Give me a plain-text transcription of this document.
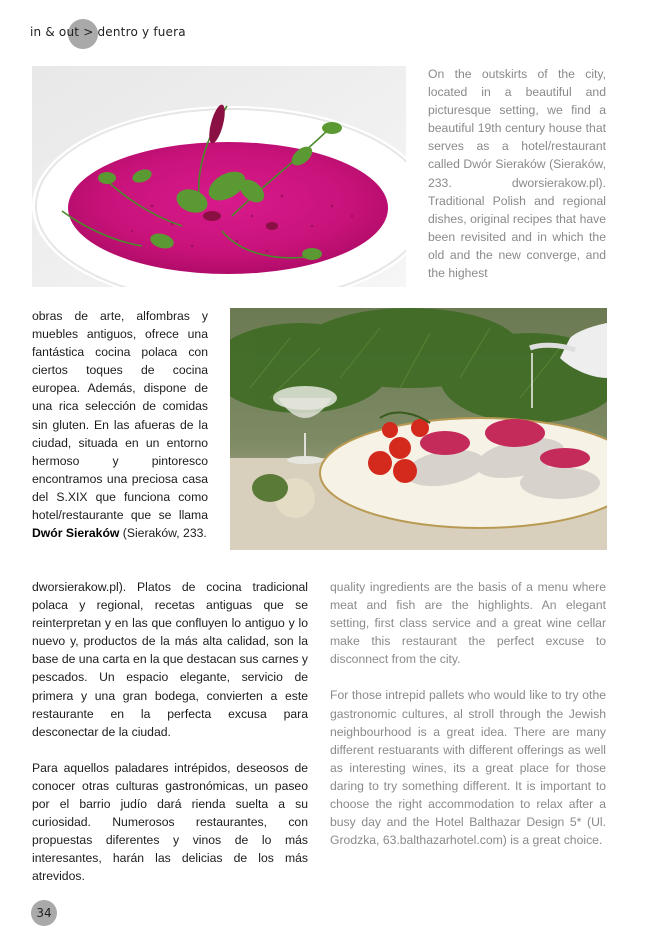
in & out > dentro y fuera

On the outskirts of the city, located in a beautiful and picturesque setting, we find a beautiful 19th century house that serves as a hotel/restaurant called Dwór Sieraków (Sieraków, 233. dworsierakow.pl). Traditional Polish and regional dishes, original recipes that have been revisited and in which the old and the new converge, and the highest

obras de arte, alfombras y muebles antiguos, ofrece una fantástica cocina polaca con ciertos toques de cocina europea. Además, dispone de una rica selección de comidas sin gluten. En las afueras de la ciudad, situada en un entorno hermoso y pintoresco encontramos una preciosa casa del S.XIX que funciona como hotel/restaurante que se llama Dwór Sieraków (Sieraków, 233.

dworsierakow.pl). Platos de cocina tradicional polaca y regional, recetas antiguas que se reinterpretan y en las que confluyen lo antiguo y lo nuevo y, productos de la más alta calidad, son la base de una carta en la que destacan sus carnes y pescados. Un espacio elegante, servicio de primera y una gran bodega, convierten a este restaurante en la perfecta excusa para desconectar de la ciudad.

Para aquellos paladares intrépidos, deseosos de conocer otras culturas gastronómicas, un paseo por el barrio judío dará rienda suelta a su curiosidad. Numerosos restaurantes, con propuestas diferentes y vinos de lo más interesantes, harán las delicias de los más atrevidos.

quality ingredients are the basis of a menu where meat and fish are the highlights. An elegant setting, first class service and a great wine cellar make this restaurant the perfect excuse to disconnect from the city.

For those intrepid pallets who would like to try othe gastronomic cultures, al stroll through the Jewish neighbourhood is a great idea. There are many different restuarants with different offerings as well as interesting wines, its a great place for those daring to try something different. It is important to choose the right accommodation to relax after a busy day and the Hotel Balthazar Design 5* (Ul. Grodzka, 63.balthazarhotel.com) is a great choice.

34
